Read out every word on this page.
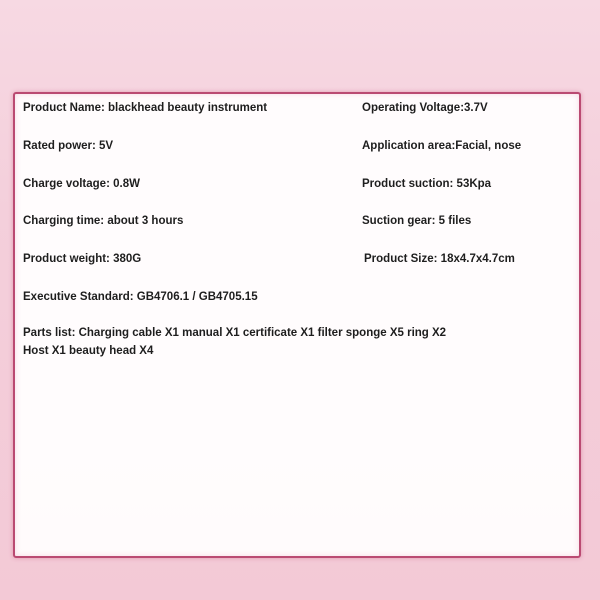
Product Name: blackhead beauty instrument	Operating Voltage:3.7V
Rated power: 5V	Application area:Facial, nose
Charge voltage: 0.8W	Product suction: 53Kpa
Charging time: about 3 hours	Suction gear: 5 files
Product weight: 380G	Product Size: 18x4.7x4.7cm
Executive Standard: GB4706.1 / GB4705.15
Parts list: Charging cable X1 manual X1 certificate X1 filter sponge X5 ring X2
Host X1 beauty head X4
